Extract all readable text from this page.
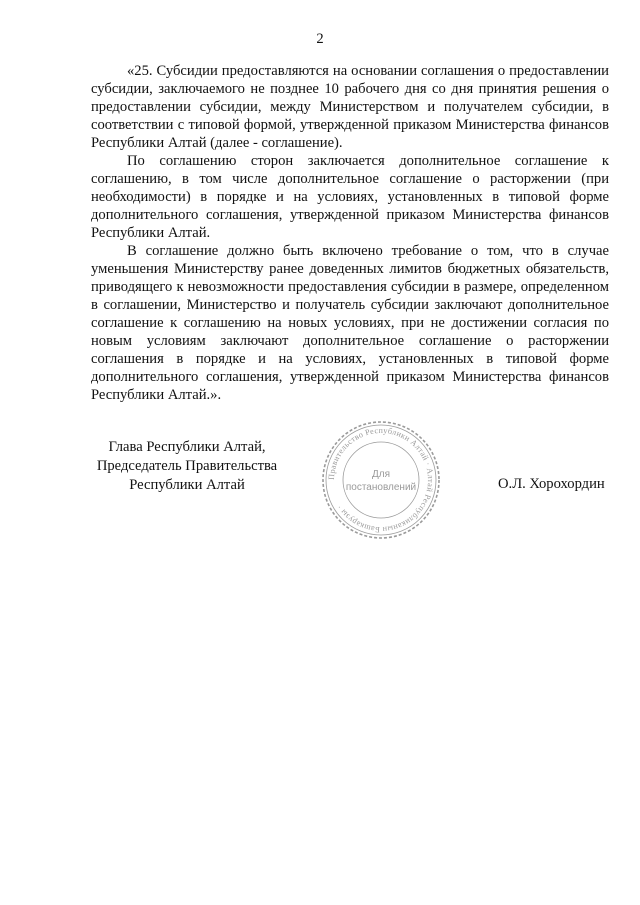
2

«25. Субсидии предоставляются на основании соглашения о предоставлении субсидии, заключаемого не позднее 10 рабочего дня со дня принятия решения о предоставлении субсидии, между Министерством и получателем субсидии, в соответствии с типовой формой, утвержденной приказом Министерства финансов Республики Алтай (далее - соглашение).

По соглашению сторон заключается дополнительное соглашение к соглашению, в том числе дополнительное соглашение о расторжении (при необходимости) в порядке и на условиях, установленных в типовой форме дополнительного соглашения, утвержденной приказом Министерства финансов Республики Алтай.

В соглашение должно быть включено требование о том, что в случае уменьшения Министерству ранее доведенных лимитов бюджетных обязательств, приводящего к невозможности предоставления субсидии в размере, определенном в соглашении, Министерство и получатель субсидии заключают дополнительное соглашение к соглашению на новых условиях, при не достижении согласия по новым условиям заключают дополнительное соглашение о расторжении соглашения в порядке и на условиях, установленных в типовой форме дополнительного соглашения, утвержденной приказом Министерства финансов Республики Алтай.».

Глава Республики Алтай,
Председатель Правительства
Республики Алтай
Правительство Республики Алтай · Алтай Республиканын Башкарузы ·
Для
постановлений	О.Л. Хорохордин
